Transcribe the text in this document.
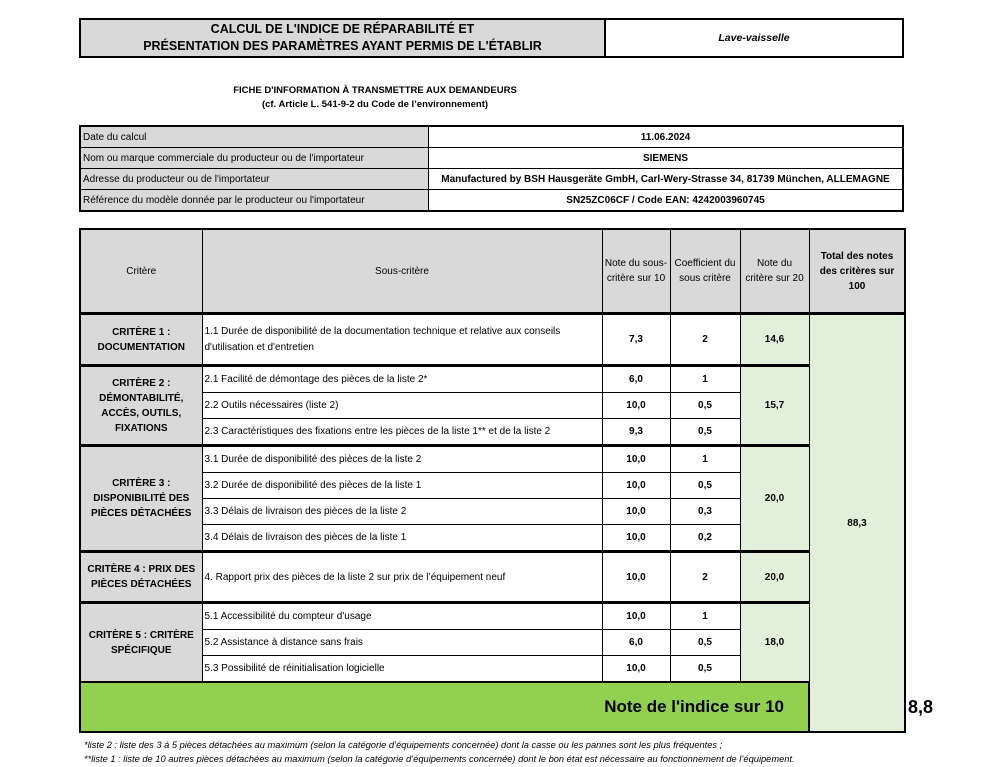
CALCUL DE L'INDICE DE RÉPARABILITÉ ET
PRÉSENTATION DES PARAMÈTRES AYANT PERMIS DE L'ÉTABLIR
Lave-vaisselle
FICHE D'INFORMATION À TRANSMETTRE AUX DEMANDEURS
(cf. Article L. 541-9-2 du Code de l’environnement)
Date du calcul	11.06.2024
Nom ou marque commerciale du producteur ou de l'importateur	SIEMENS
Adresse du producteur ou de l'importateur	Manufactured by BSH Hausgeräte GmbH, Carl-Wery-Strasse 34, 81739 München, ALLEMAGNE
Référence du modèle donnée par le producteur ou l'importateur	SN25ZC06CF / Code EAN: 4242003960745
Critère	Sous-critère	Note du sous-critère sur 10	Coefficient du sous critère	Note du critère sur 20	Total des notes des critères sur 100	
CRITÈRE 1 : DOCUMENTATION	1.1 Durée de disponibilité de la documentation technique et relative aux conseils d'utilisation et d'entretien	7,3	2	14,6	88,3	
CRITÈRE 2 : DÉMONTABILITÉ, ACCÈS, OUTILS, FIXATIONS	2.1 Facilité de démontage des pièces de la liste 2*	6,0	1	15,7		
	2.2 Outils nécessaires (liste 2)	10,0	0,5			
	2.3 Caractéristiques des fixations entre les pièces de la liste 1** et de la liste 2	9,3	0,5			
CRITÈRE 3 : DISPONIBILITÉ DES PIÈCES DÉTACHÉES	3.1 Durée de disponibilité des pièces de la liste 2	10,0	1	20,0		
	3.2 Durée de disponibilité des pièces de la liste 1	10,0	0,5			
	3.3 Délais de livraison des pièces de la liste 2	10,0	0,3			
	3.4 Délais de livraison des pièces de la liste 1	10,0	0,2			
CRITÈRE 4 : PRIX DES PIÈCES DÉTACHÉES	4. Rapport prix des pièces de la liste 2 sur prix de l’équipement neuf	10,0	2	20,0		
CRITÈRE 5 : CRITÈRE SPÉCIFIQUE	5.1 Accessibilité du compteur d'usage	10,0	1	18,0		
	5.2 Assistance à distance sans frais	6,0	0,5			
	5.3 Possibilité de réinitialisation logicielle	10,0	0,5			
Note de l'indice sur 10						8,8
*liste 2 : liste des 3 à 5 pièces détachées au maximum (selon la catégorie d’équipements concernée) dont la casse ou les pannes sont les plus fréquentes ;
**liste 1 : liste de 10 autres pièces détachées au maximum (selon la catégorie d’équipements concernée) dont le bon état est nécessaire au fonctionnement de l’équipement.
